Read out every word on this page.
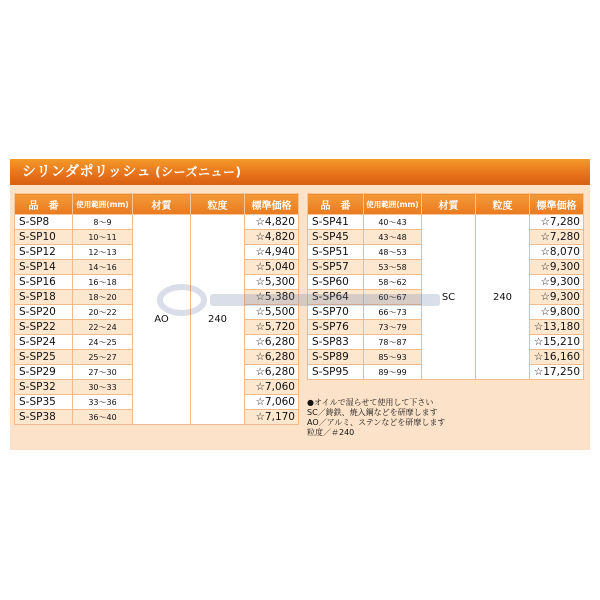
シリンダポリッシュ (シーズニュー)
品　番	使用範囲(mm)	材質	粒度	標準価格
S-SP8	8〜9	AO	240	☆4,820
S-SP10	10〜11			☆4,820
S-SP12	12〜13			☆4,940
S-SP14	14〜16			☆5,040
S-SP16	16〜18			☆5,300
S-SP18	18〜20			☆5,380
S-SP20	20〜22			☆5,500
S-SP22	22〜24			☆5,720
S-SP24	24〜25			☆6,280
S-SP25	25〜27			☆6,280
S-SP29	27〜30			☆6,280
S-SP32	30〜33			☆7,060
S-SP35	33〜36			☆7,060
S-SP38	36〜40			☆7,170
品　番	使用範囲(mm)	材質	粒度	標準価格
S-SP41	40〜43	SC	240	☆7,280
S-SP45	43〜48			☆7,280
S-SP51	48〜53			☆8,070
S-SP57	53〜58			☆9,300
S-SP60	58〜62			☆9,300
S-SP64	60〜67			☆9,300
S-SP70	66〜73			☆9,800
S-SP76	73〜79			☆13,180
S-SP83	78〜87			☆15,210
S-SP89	85〜93			☆16,160
S-SP95	89〜99			☆17,250
●オイルで湿らせて使用して下さい
SC／鋳鉄、焼入鋼などを研摩します
AO／アルミ、ステンなどを研摩します
粒度／＃240
